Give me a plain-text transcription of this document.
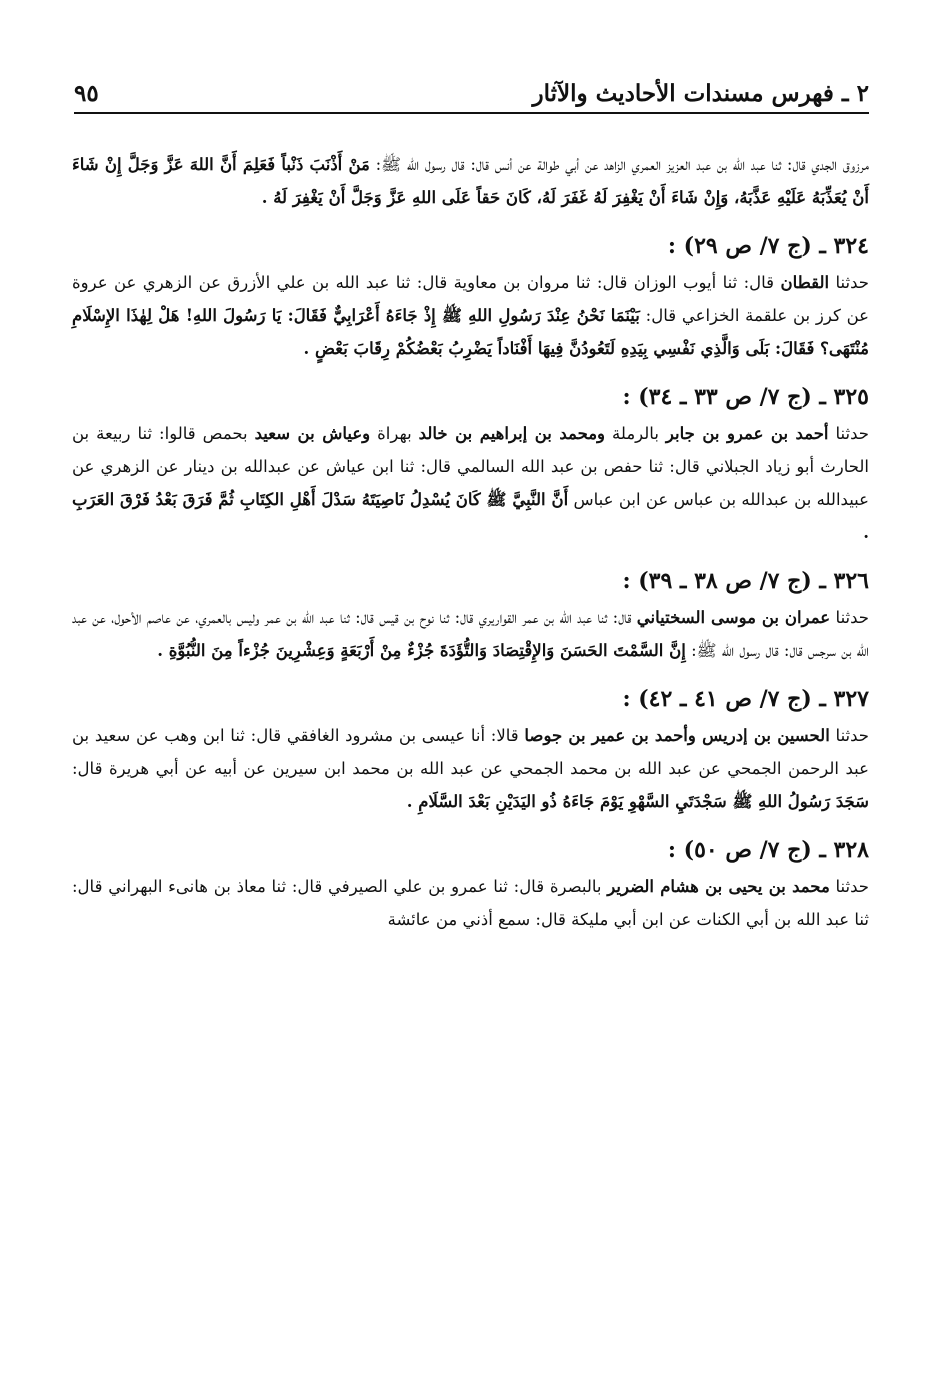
٢ ـ فهرس مسندات الأحاديث والآثار
٩٥

مرزوق الجدي قال: ثنا عبد الله بن عبد العزيز العمري الزاهد عن أبي طوالة عن أنس قال: قال رسول الله ﷺ: مَنْ أَذْنَبَ ذَنْباً فَعَلِمَ أَنَّ اللهَ عَزَّ وَجَلَّ إِنْ شَاءَ أَنْ يُعَذِّبَهُ عَلَيْهِ عَذَّبَهُ، وَإِنْ شَاءَ أَنْ يَغْفِرَ لَهُ غَفَرَ لَهُ، كَانَ حَقاً عَلَى اللهِ عَزَّ وَجَلَّ أَنْ يَغْفِرَ لَهُ .

٣٢٤ ـ (ج ٧/ ص ٢٩) :

حدثنا القطان قال: ثنا أيوب الوزان قال: ثنا مروان بن معاوية قال: ثنا عبد الله بن علي الأزرق عن الزهري عن عروة عن كرز بن علقمة الخزاعي قال: بَيْنَمَا نَحْنُ عِنْدَ رَسُولِ اللهِ ﷺ إِذْ جَاءَهُ أَعْرَابِيٌّ فَقَالَ: يَا رَسُولَ اللهِ! هَلْ لِهٰذَا الإِسْلَامِ مُنْتَهَى؟ فَقَالَ: بَلَى وَالَّذِي نَفْسِي بِيَدِهِ لَتَعُودُنَّ فِيهَا أَفْنَاداً يَضْرِبُ بَعْضُكُمْ رِقَابَ بَعْضٍ .

٣٢٥ ـ (ج ٧/ ص ٣٣ ـ ٣٤) :

حدثنا أحمد بن عمرو بن جابر بالرملة ومحمد بن إبراهيم بن خالد بهراة وعياش بن سعيد بحمص قالوا: ثنا ربيعة بن الحارث أبو زياد الجبلاني قال: ثنا حفص بن عبد الله السالمي قال: ثنا ابن عياش عن عبدالله بن دينار عن الزهري عن عبيدالله بن عبدالله بن عباس عن ابن عباس أَنَّ النَّبِيَّ ﷺ كَانَ يُسْدِلُ نَاصِيَتَهُ سَدْلَ أَهْلِ الكِتَابِ ثُمَّ فَرَقَ بَعْدُ فَرْقَ العَرَبِ .

٣٢٦ ـ (ج ٧/ ص ٣٨ ـ ٣٩) :

حدثنا عمران بن موسى السختياني قال: ثنا عبد الله بن عمر القواريري قال: ثنا نوح بن قيس قال: ثنا عبد الله بن عمر وليس بالعمري، عن عاصم الأحول، عن عبد الله بن سرجس قال: قال رسول الله ﷺ: إِنَّ السَّمْتَ الحَسَنَ وَالإِقْتِصَادَ وَالتُّؤَدَةَ جُزْءٌ مِنْ أَرْبَعَةٍ وَعِشْرِينَ جُزْءاً مِنَ النُّبُوَّةِ .

٣٢٧ ـ (ج ٧/ ص ٤١ ـ ٤٢) :

حدثنا الحسين بن إدريس وأحمد بن عمير بن جوصا قالا: أنا عيسى بن مشرود الغافقي قال: ثنا ابن وهب عن سعيد بن عبد الرحمن الجمحي عن عبد الله بن محمد الجمحي عن عبد الله بن محمد ابن سيرين عن أبيه عن أبي هريرة قال: سَجَدَ رَسُولُ اللهِ ﷺ سَجْدَتَيِ السَّهْوِ يَوْمَ جَاءَهُ ذُو اليَدَيْنِ بَعْدَ السَّلَامِ .

٣٢٨ ـ (ج ٧/ ص ٥٠) :

حدثنا محمد بن يحيى بن هشام الضرير بالبصرة قال: ثنا عمرو بن علي الصيرفي قال: ثنا معاذ بن هانىء البهراني قال: ثنا عبد الله بن أبي الكنات عن ابن أبي مليكة قال: سمع أذني من عائشة
